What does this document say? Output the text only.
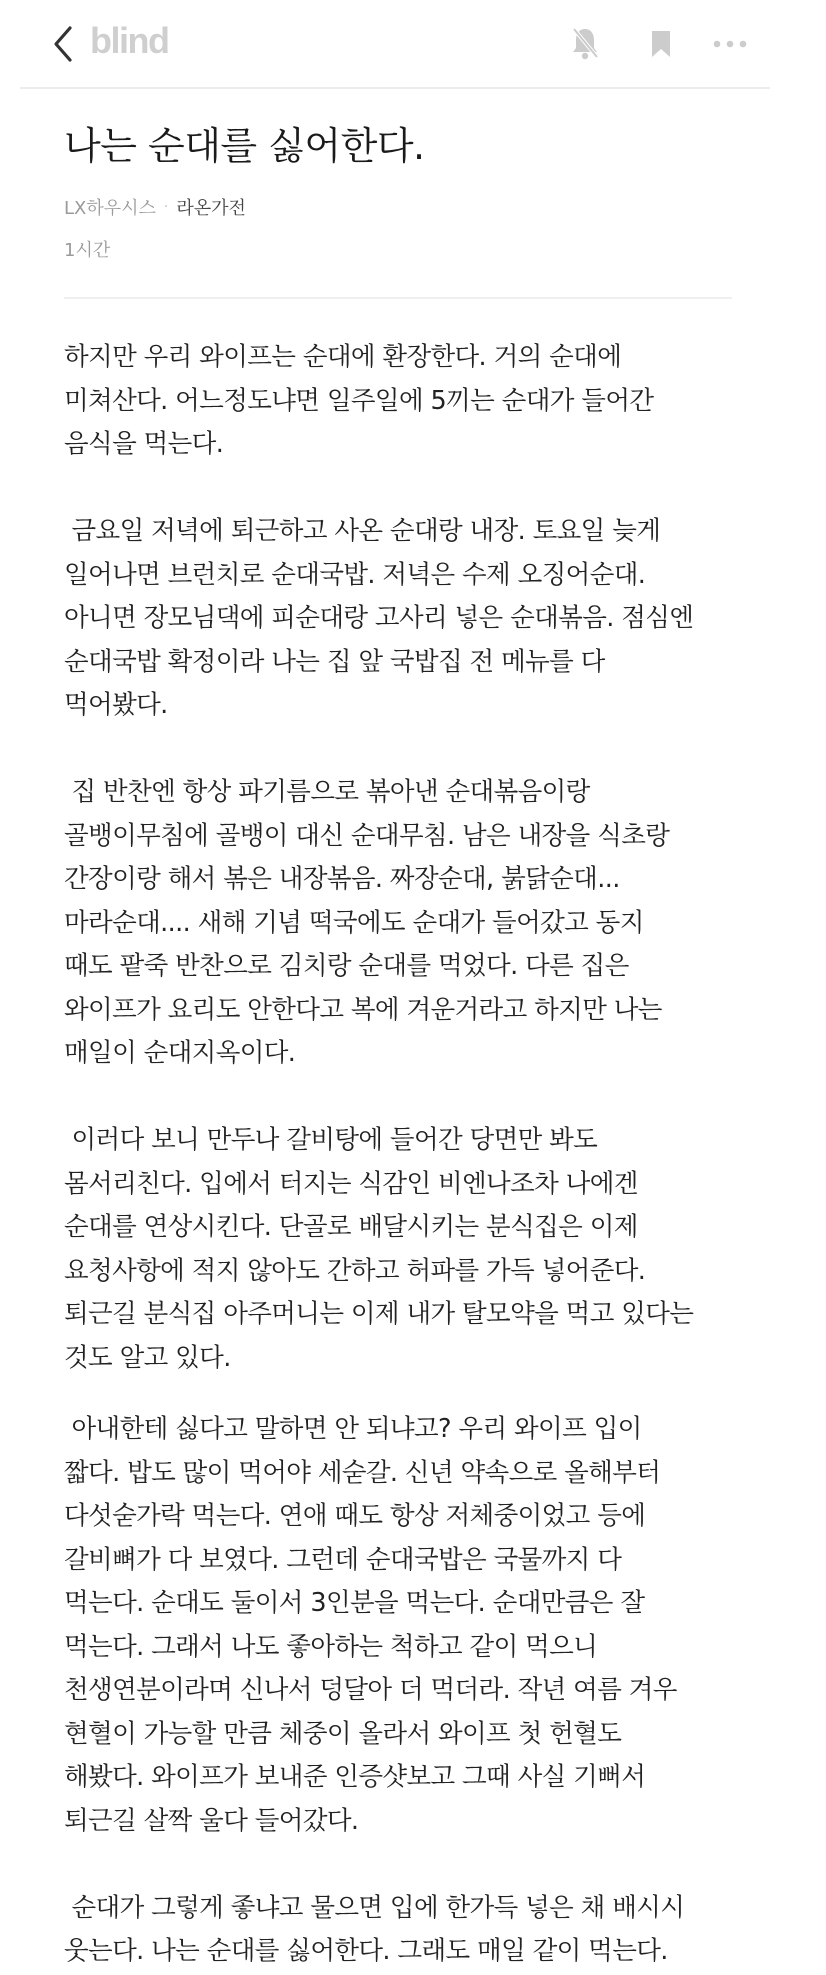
blind
나는 순대를 싫어한다.
LX하우시스 · 라온가전
1시간
하지만 우리 와이프는 순대에 환장한다. 거의 순대에
미쳐산다. 어느정도냐면 일주일에 5끼는 순대가 들어간
음식을 먹는다.
금요일 저녁에 퇴근하고 사온 순대랑 내장. 토요일 늦게
일어나면 브런치로 순대국밥. 저녁은 수제 오징어순대.
아니면 장모님댁에 피순대랑 고사리 넣은 순대볶음. 점심엔
순대국밥 확정이라 나는 집 앞 국밥집 전 메뉴를 다
먹어봤다.
집 반찬엔 항상 파기름으로 볶아낸 순대볶음이랑
골뱅이무침에 골뱅이 대신 순대무침. 남은 내장을 식초랑
간장이랑 해서 볶은 내장볶음. 짜장순대, 붉닭순대...
마라순대.... 새해 기념 떡국에도 순대가 들어갔고 동지
때도 팥죽 반찬으로 김치랑 순대를 먹었다. 다른 집은
와이프가 요리도 안한다고 복에 겨운거라고 하지만 나는
매일이 순대지옥이다.
이러다 보니 만두나 갈비탕에 들어간 당면만 봐도
몸서리친다. 입에서 터지는 식감인 비엔나조차 나에겐
순대를 연상시킨다. 단골로 배달시키는 분식집은 이제
요청사항에 적지 않아도 간하고 허파를 가득 넣어준다.
퇴근길 분식집 아주머니는 이제 내가 탈모약을 먹고 있다는
것도 알고 있다.
아내한테 싫다고 말하면 안 되냐고? 우리 와이프 입이
짧다. 밥도 많이 먹어야 세숟갈. 신년 약속으로 올해부터
다섯숟가락 먹는다. 연애 때도 항상 저체중이었고 등에
갈비뼈가 다 보였다. 그런데 순대국밥은 국물까지 다
먹는다. 순대도 둘이서 3인분을 먹는다. 순대만큼은 잘
먹는다. 그래서 나도 좋아하는 척하고 같이 먹으니
천생연분이라며 신나서 덩달아 더 먹더라. 작년 여름 겨우
현혈이 가능할 만큼 체중이 올라서 와이프 첫 헌혈도
해봤다. 와이프가 보내준 인증샷보고 그때 사실 기뻐서
퇴근길 살짝 울다 들어갔다.
순대가 그렇게 좋냐고 물으면 입에 한가득 넣은 채 배시시
웃는다. 나는 순대를 싫어한다. 그래도 매일 같이 먹는다.
